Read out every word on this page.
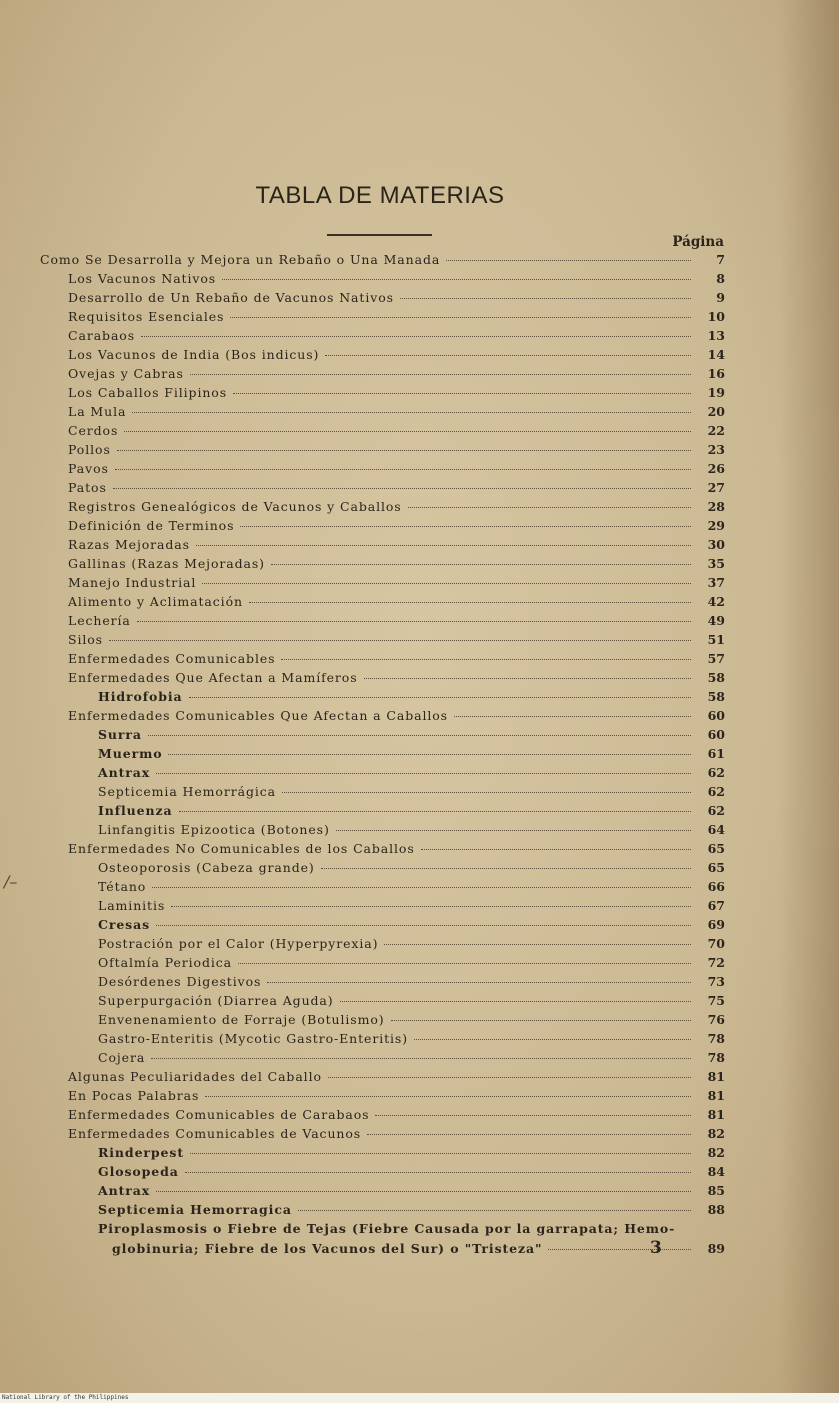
TABLA DE MATERIAS
Página
Como Se Desarrolla y Mejora un Rebaño o Una Manada	7
Los Vacunos Nativos	8
Desarrollo de Un Rebaño de Vacunos Nativos	9
Requisitos Esenciales	10
Carabaos	13
Los Vacunos de India (Bos indicus)	14
Ovejas y Cabras	16
Los Caballos Filipinos	19
La Mula	20
Cerdos	22
Pollos	23
Pavos	26
Patos	27
Registros Genealógicos de Vacunos y Caballos	28
Definición de Terminos	29
Razas Mejoradas	30
Gallinas (Razas Mejoradas)	35
Manejo Industrial	37
Alimento y Aclimatación	42
Lechería	49
Silos	51
Enfermedades Comunicables	57
Enfermedades Que Afectan a Mamíferos	58
Hidrofobia	58
Enfermedades Comunicables Que Afectan a Caballos	60
Surra	60
Muermo	61
Antrax	62
Septicemia Hemorrágica	62
Influenza	62
Linfangitis Epizootica (Botones)	64
Enfermedades No Comunicables de los Caballos	65
Osteoporosis (Cabeza grande)	65
Tétano	66
Laminitis	67
Cresas	69
Postración por el Calor (Hyperpyrexia)	70
Oftalmía Periodica	72
Desórdenes Digestivos	73
Superpurgación (Diarrea Aguda)	75
Envenenamiento de Forraje (Botulismo)	76
Gastro-Enteritis (Mycotic Gastro-Enteritis)	78
Cojera	78
Algunas Peculiaridades del Caballo	81
En Pocas Palabras	81
Enfermedades Comunicables de Carabaos	81
Enfermedades Comunicables de Vacunos	82
Rinderpest	82
Glosopeda	84
Antrax	85
Septicemia Hemorragica	88
Piroplasmosis o Fiebre de Tejas (Fiebre Causada por la garrapata; Hemo-
globinuria; Fiebre de los Vacunos del Sur) o "Tristeza"	89
3
/–
National Library of the Philippines
